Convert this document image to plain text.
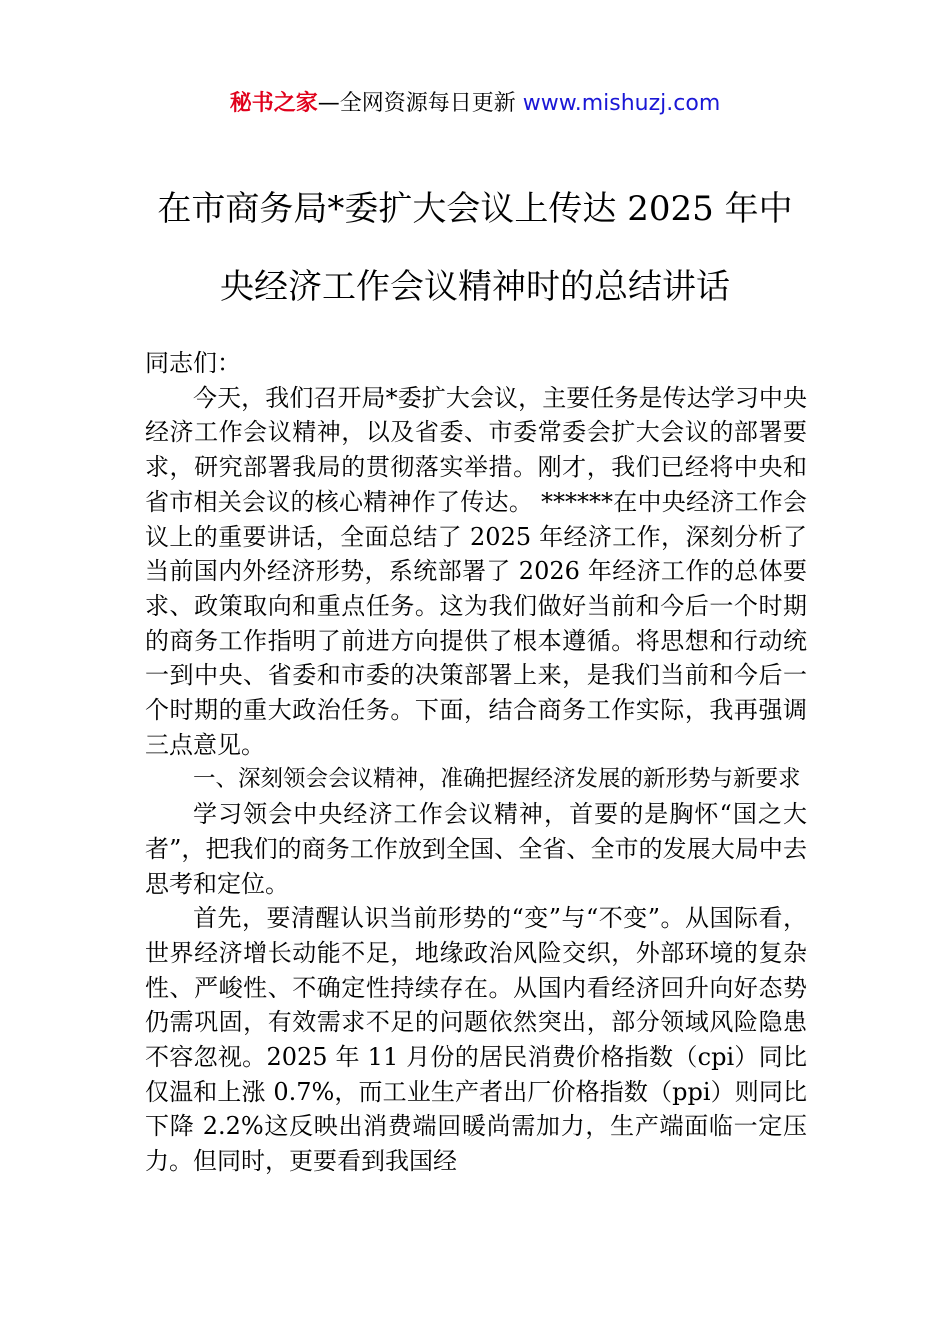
秘书之家—全网资源每日更新 www.mishuzj.com
在市商务局*委扩大会议上传达 2025 年中
央经济工作会议精神时的总结讲话

同志们：

今天，我们召开局*委扩大会议，主要任务是传达学习中央经济工作会议精神，以及省委、市委常委会扩大会议的部署要求，研究部署我局的贯彻落实举措。刚才，我们已经将中央和省市相关会议的核心精神作了传达。 ******在中央经济工作会议上的重要讲话，全面总结了 2025 年经济工作，深刻分析了当前国内外经济形势，系统部署了 2026 年经济工作的总体要求、政策取向和重点任务。这为我们做好当前和今后一个时期的商务工作指明了前进方向提供了根本遵循。将思想和行动统一到中央、省委和市委的决策部署上来，是我们当前和今后一个时期的重大政治任务。下面，结合商务工作实际，我再强调三点意见。

一、深刻领会会议精神，准确把握经济发展的新形势与新要求

学习领会中央经济工作会议精神，首要的是胸怀“国之大者”，把我们的商务工作放到全国、全省、全市的发展大局中去思考和定位。

首先，要清醒认识当前形势的“变”与“不变”。从国际看，世界经济增长动能不足，地缘政治风险交织，外部环境的复杂性、严峻性、不确定性持续存在。从国内看经济回升向好态势仍需巩固，有效需求不足的问题依然突出，部分领域风险隐患不容忽视。2025 年 11 月份的居民消费价格指数（cpi）同比仅温和上涨 0.7%，而工业生产者出厂价格指数（ppi）则同比下降 2.2%这反映出消费端回暖尚需加力，生产端面临一定压力。但同时，更要看到我国经
